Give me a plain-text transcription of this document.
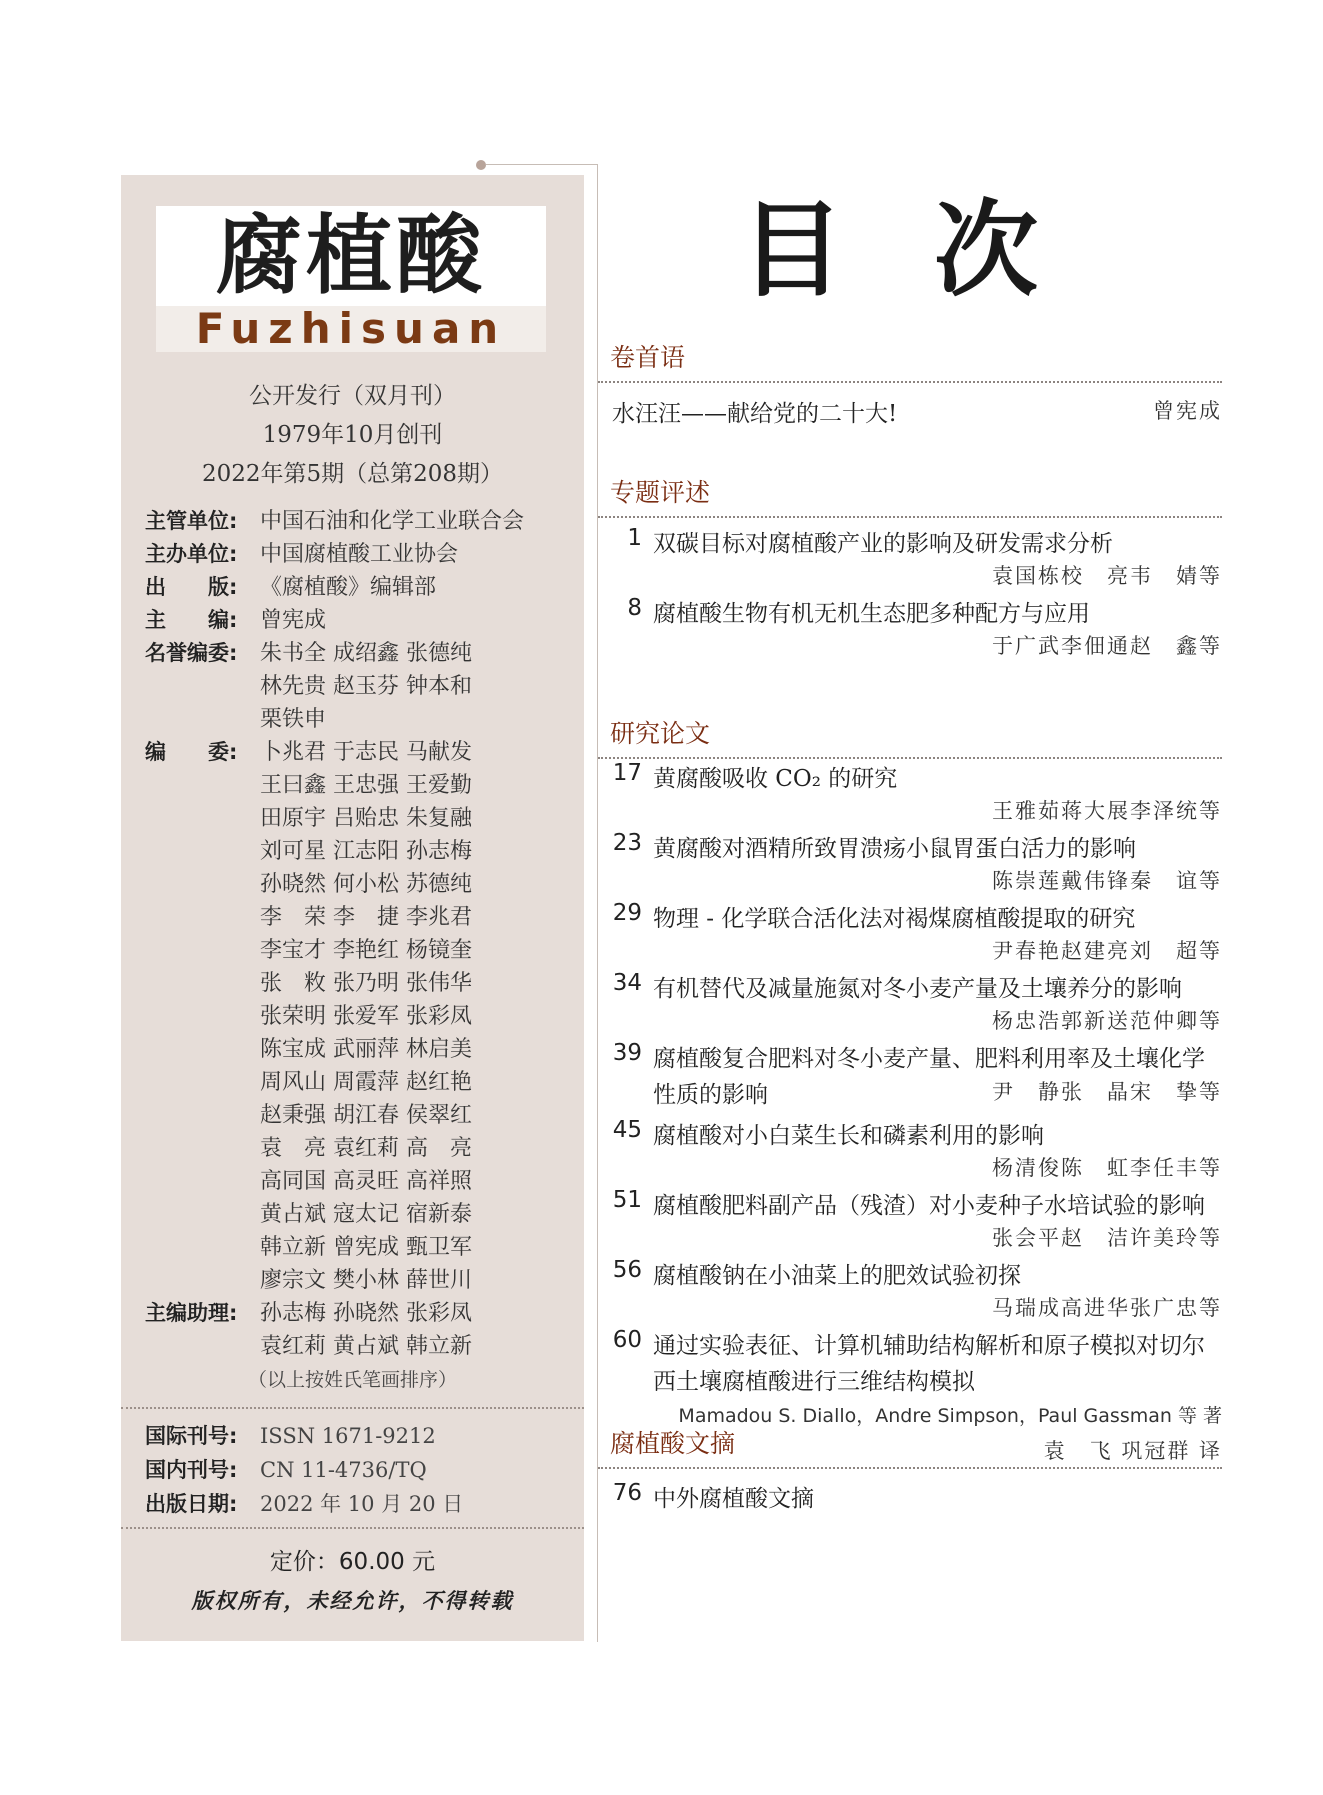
腐植酸
Fuzhisuan
公开发行（双月刊）
1979年10月创刊
2022年第5期（总第208期）
主管单位:	中国石油和化学工业联合会
主办单位:	中国腐植酸工业协会
出　　版:	《腐植酸》编辑部
主　　编:	曾宪成
名誉编委:	朱书全 成绍鑫 张德纯
林先贵 赵玉芬 钟本和
栗铁申
编　　委:	卜兆君 于志民 马献发
王曰鑫 王忠强 王爱勤
田原宇 吕贻忠 朱复融
刘可星 江志阳 孙志梅
孙晓然 何小松 苏德纯
李　荣 李　捷 李兆君
李宝才 李艳红 杨镜奎
张　敉 张乃明 张伟华
张荣明 张爱军 张彩凤
陈宝成 武丽萍 林启美
周风山 周霞萍 赵红艳
赵秉强 胡江春 侯翠红
袁　亮 袁红莉 高　亮
高同国 高灵旺 高祥照
黄占斌 寇太记 宿新泰
韩立新 曾宪成 甄卫军
廖宗文 樊小林 薛世川
主编助理:	孙志梅 孙晓然 张彩凤
袁红莉 黄占斌 韩立新
（以上按姓氏笔画排序）
国际刊号:	ISSN 1671-9212
国内刊号:	CN 11-4736/TQ
出版日期:	2022 年 10 月 20 日
定价：60.00 元
版权所有，未经允许，不得转载
目次
卷首语
水汪汪——献给党的二十大!	曾宪成
专题评述
1 双碳目标对腐植酸产业的影响及研发需求分析
袁国栋校　亮韦　婧等
8 腐植酸生物有机无机生态肥多种配方与应用
于广武李佃通赵　鑫等
研究论文
17 黄腐酸吸收 CO₂ 的研究
王雅茹蒋大展李泽统等
23 黄腐酸对酒精所致胃溃疡小鼠胃蛋白活力的影响
陈崇莲戴伟锋秦　谊等
29 物理 - 化学联合活化法对褐煤腐植酸提取的研究
尹春艳赵建亮刘　超等
34 有机替代及减量施氮对冬小麦产量及土壤养分的影响
杨忠浩郭新送范仲卿等
39 腐植酸复合肥料对冬小麦产量、肥料利用率及土壤化学
性质的影响	尹　静张　晶宋　挚等
45 腐植酸对小白菜生长和磷素利用的影响
杨清俊陈　虹李任丰等
51 腐植酸肥料副产品（残渣）对小麦种子水培试验的影响
张会平赵　洁许美玲等
56 腐植酸钠在小油菜上的肥效试验初探
马瑞成高进华张广忠等
60 通过实验表征、计算机辅助结构解析和原子模拟对切尔
西土壤腐植酸进行三维结构模拟
Mamadou S. Diallo，Andre Simpson，Paul Gassman 等 著
袁　飞 巩冠群 译
腐植酸文摘
76 中外腐植酸文摘
